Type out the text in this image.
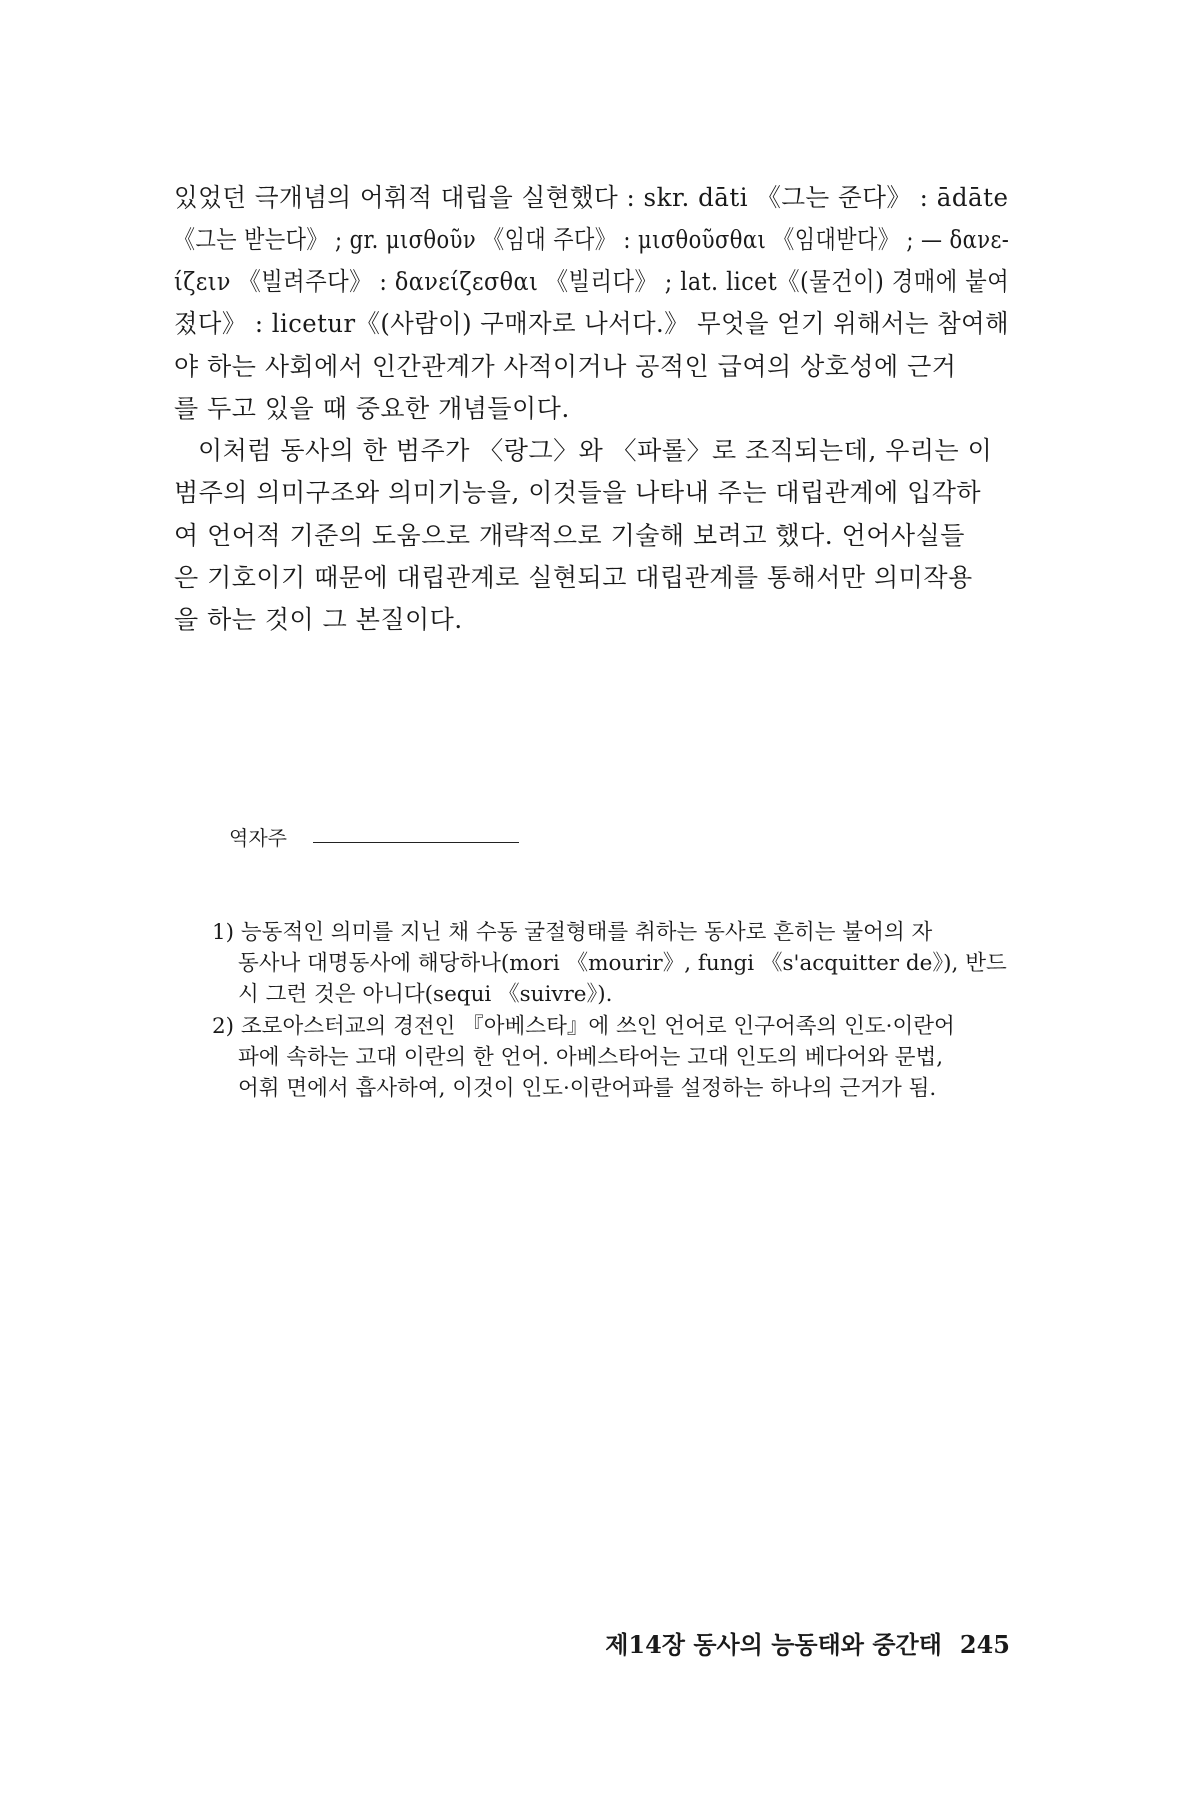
있었던 극개념의 어휘적 대립을 실현했다 : skr. dāti 《그는 준다》 : ādāte
《그는 받는다》 ; gr. μισθοῦν 《임대 주다》 : μισθοῦσθαι 《임대받다》 ; — δανε-
ίζειν 《빌려주다》 : δανείζεσθαι 《빌리다》 ; lat. licet《(물건이) 경매에 붙여
졌다》 : licetur《(사람이) 구매자로 나서다.》 무엇을 얻기 위해서는 참여해
야 하는 사회에서 인간관계가 사적이거나 공적인 급여의 상호성에 근거
를 두고 있을 때 중요한 개념들이다.
이처럼 동사의 한 범주가 〈랑그〉와 〈파롤〉로 조직되는데, 우리는 이
범주의 의미구조와 의미기능을, 이것들을 나타내 주는 대립관계에 입각하
여 언어적 기준의 도움으로 개략적으로 기술해 보려고 했다. 언어사실들
은 기호이기 때문에 대립관계로 실현되고 대립관계를 통해서만 의미작용
을 하는 것이 그 본질이다.
역자주
1) 능동적인 의미를 지닌 채 수동 굴절형태를 취하는 동사로 흔히는 불어의 자
동사나 대명동사에 해당하나(mori 《mourir》, fungi 《s'acquitter de》), 반드
시 그런 것은 아니다(sequi 《suivre》).
2) 조로아스터교의 경전인 『아베스타』에 쓰인 언어로 인구어족의 인도·이란어
파에 속하는 고대 이란의 한 언어. 아베스타어는 고대 인도의 베다어와 문법,
어휘 면에서 흡사하여, 이것이 인도·이란어파를 설정하는 하나의 근거가 됨.
제14장 동사의 능동태와 중간태 245
